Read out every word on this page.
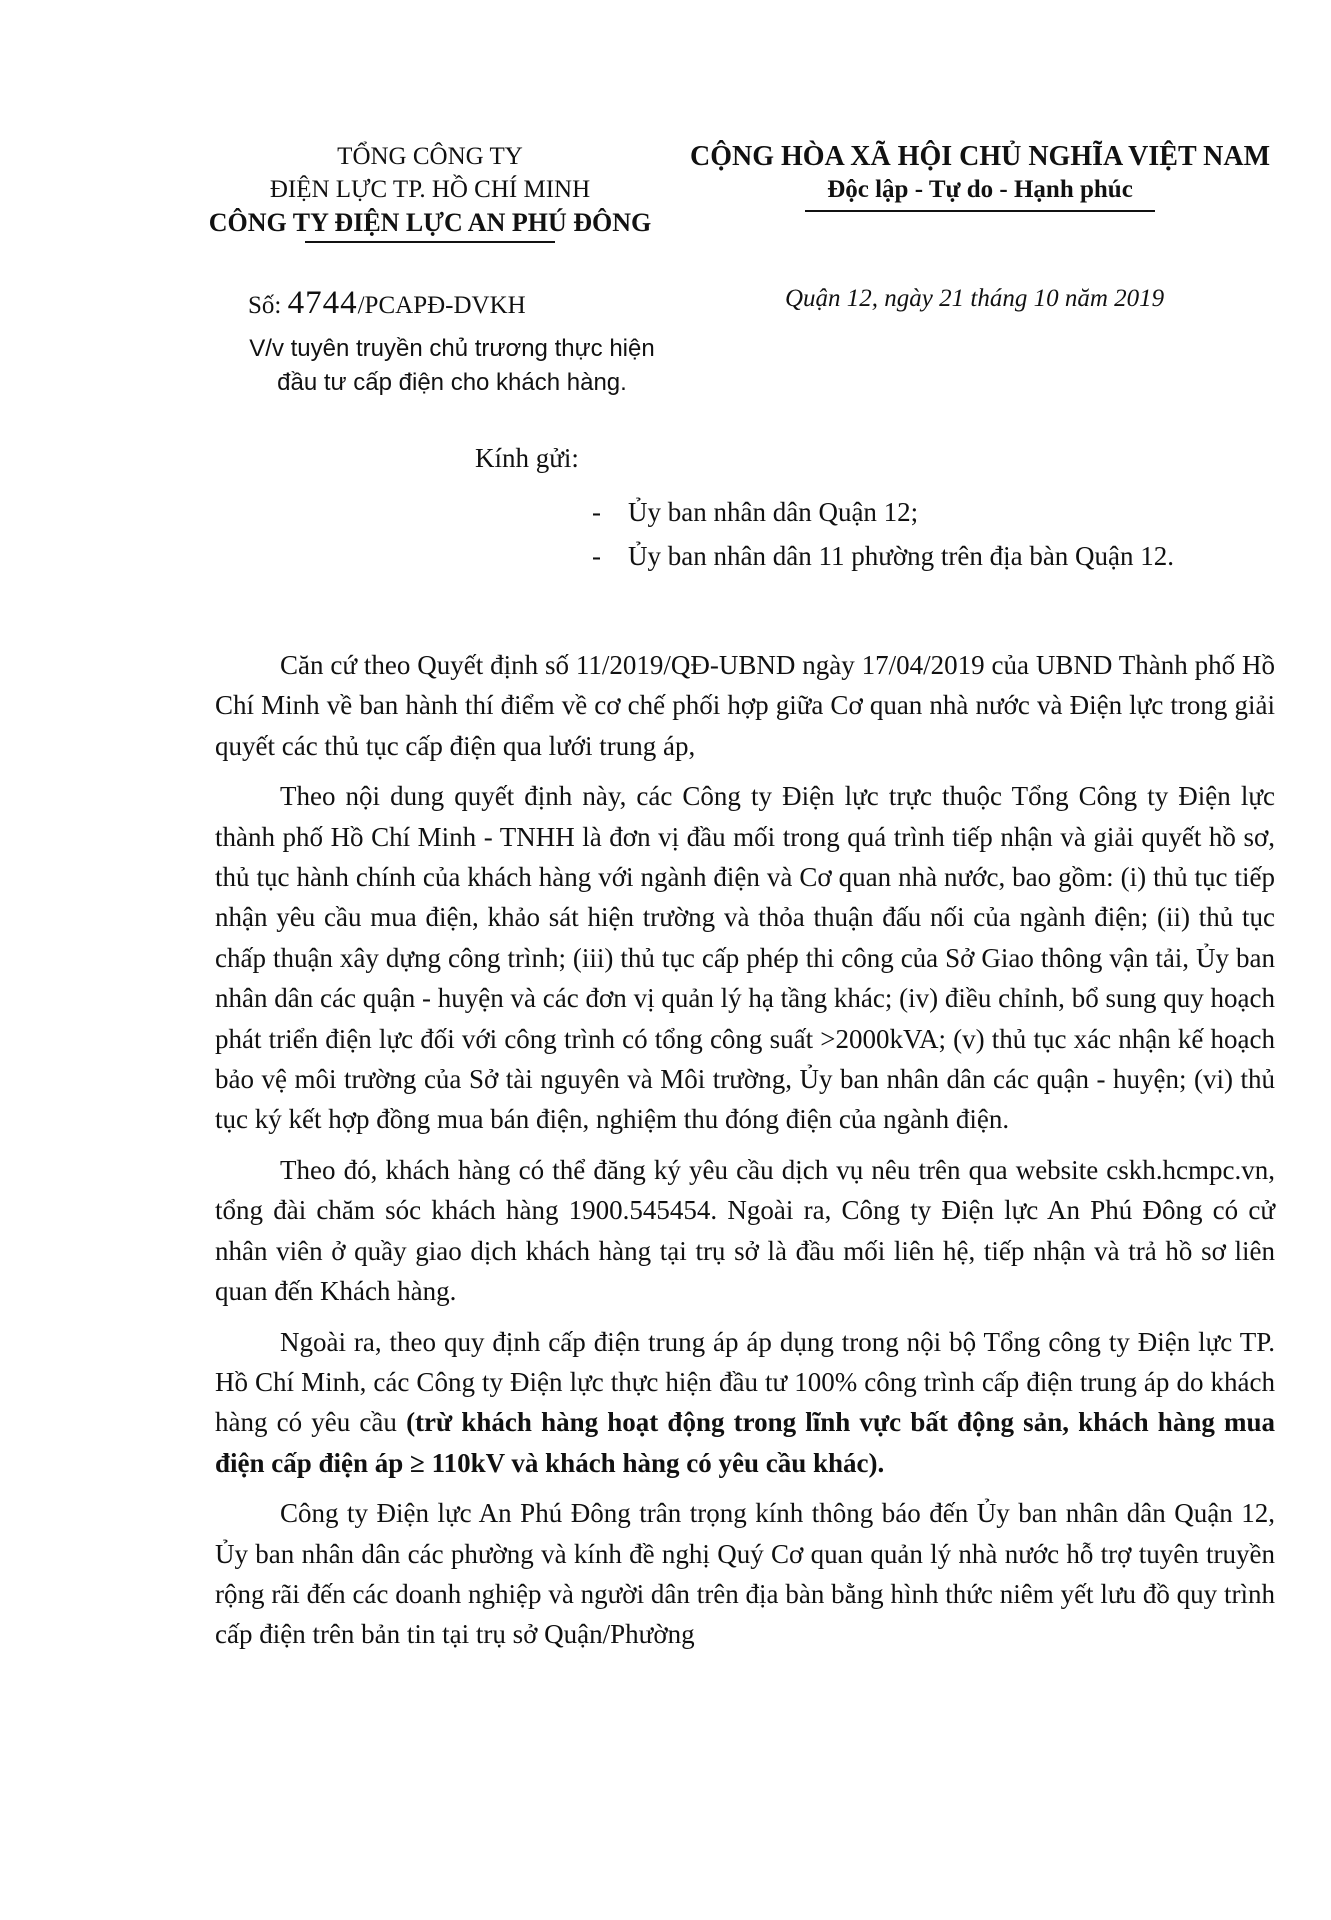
TỔNG CÔNG TY
ĐIỆN LỰC TP. HỒ CHÍ MINH
CÔNG TY ĐIỆN LỰC AN PHÚ ĐÔNG
CỘNG HÒA XÃ HỘI CHỦ NGHĨA VIỆT NAM
Độc lập - Tự do - Hạnh phúc
Số: 4744/PCAPĐ-DVKH	Quận 12, ngày 21 tháng 10 năm 2019
V/v tuyên truyền chủ trương thực hiện
đầu tư cấp điện cho khách hàng.
Kính gửi:
- Ủy ban nhân dân Quận 12;
- Ủy ban nhân dân 11 phường trên địa bàn Quận 12.

Căn cứ theo Quyết định số 11/2019/QĐ-UBND ngày 17/04/2019 của UBND Thành phố Hồ Chí Minh về ban hành thí điểm về cơ chế phối hợp giữa Cơ quan nhà nước và Điện lực trong giải quyết các thủ tục cấp điện qua lưới trung áp,

Theo nội dung quyết định này, các Công ty Điện lực trực thuộc Tổng Công ty Điện lực thành phố Hồ Chí Minh - TNHH là đơn vị đầu mối trong quá trình tiếp nhận và giải quyết hồ sơ, thủ tục hành chính của khách hàng với ngành điện và Cơ quan nhà nước, bao gồm: (i) thủ tục tiếp nhận yêu cầu mua điện, khảo sát hiện trường và thỏa thuận đấu nối của ngành điện; (ii) thủ tục chấp thuận xây dựng công trình; (iii) thủ tục cấp phép thi công của Sở Giao thông vận tải, Ủy ban nhân dân các quận - huyện và các đơn vị quản lý hạ tầng khác; (iv) điều chỉnh, bổ sung quy hoạch phát triển điện lực đối với công trình có tổng công suất >2000kVA; (v) thủ tục xác nhận kế hoạch bảo vệ môi trường của Sở tài nguyên và Môi trường, Ủy ban nhân dân các quận - huyện; (vi) thủ tục ký kết hợp đồng mua bán điện, nghiệm thu đóng điện của ngành điện.

Theo đó, khách hàng có thể đăng ký yêu cầu dịch vụ nêu trên qua website cskh.hcmpc.vn, tổng đài chăm sóc khách hàng 1900.545454. Ngoài ra, Công ty Điện lực An Phú Đông có cử nhân viên ở quầy giao dịch khách hàng tại trụ sở là đầu mối liên hệ, tiếp nhận và trả hồ sơ liên quan đến Khách hàng.

Ngoài ra, theo quy định cấp điện trung áp áp dụng trong nội bộ Tổng công ty Điện lực TP. Hồ Chí Minh, các Công ty Điện lực thực hiện đầu tư 100% công trình cấp điện trung áp do khách hàng có yêu cầu (trừ khách hàng hoạt động trong lĩnh vực bất động sản, khách hàng mua điện cấp điện áp ≥ 110kV và khách hàng có yêu cầu khác).

Công ty Điện lực An Phú Đông trân trọng kính thông báo đến Ủy ban nhân dân Quận 12, Ủy ban nhân dân các phường và kính đề nghị Quý Cơ quan quản lý nhà nước hỗ trợ tuyên truyền rộng rãi đến các doanh nghiệp và người dân trên địa bàn bằng hình thức niêm yết lưu đồ quy trình cấp điện trên bản tin tại trụ sở Quận/Phường
